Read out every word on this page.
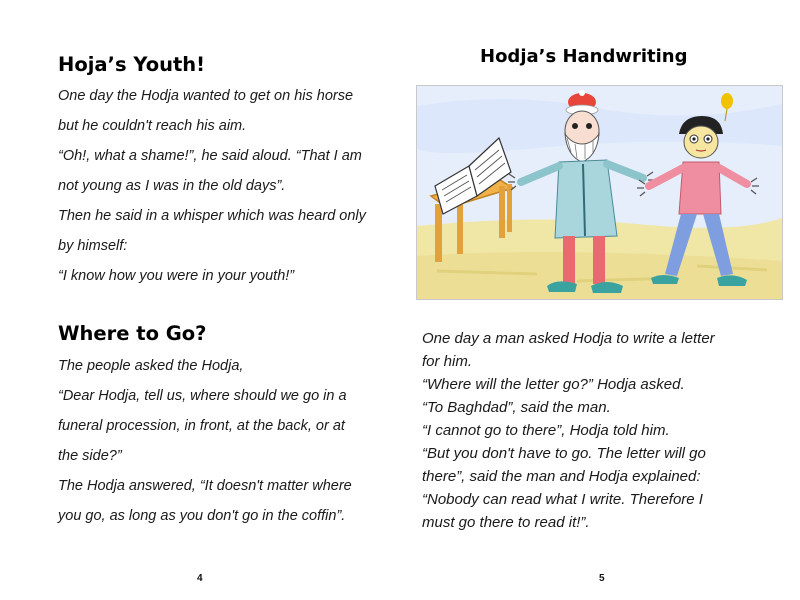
Hoja’s Youth!
One day the Hodja wanted to get on his horse
but he couldn't reach his aim.
“Oh!, what a shame!”, he said aloud. “That I am
not young as I was in the old days”.
Then he said in a whisper which was heard only
by himself:
“I know how you were in your youth!”
Where to Go?
The people asked the Hodja,
“Dear Hodja, tell us, where should we go in a
funeral procession, in front, at the back, or at
the side?”
The Hodja answered, “It doesn't matter where
you go, as long as you don't go in the coffin”.
4
Hodja’s Handwriting
One day a man asked Hodja to write a letter
for him.
“Where will the letter go?” Hodja asked.
“To Baghdad”, said the man.
“I cannot go to there”, Hodja told him.
“But you don't have to go. The letter will go
there”, said the man and Hodja explained:
“Nobody can read what I write. Therefore I
must go there to read it!”.
5
